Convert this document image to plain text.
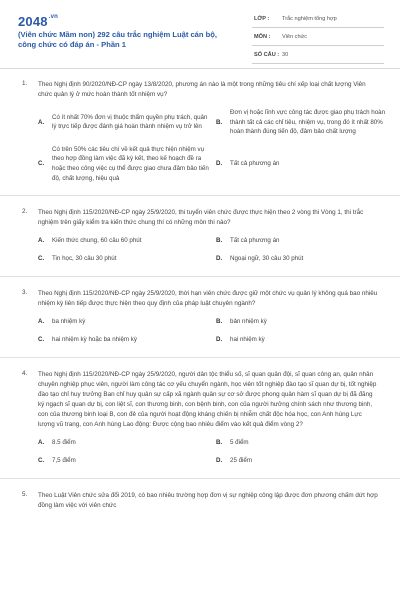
$2048^{.vn}$
(Viên chức Mầm non) 292 câu trắc nghiệm Luật cán bộ, công chức có đáp án - Phần 1
LỚP : Trắc nghiệm tổng hợp
MÔN : Viên chức
SỐ CÂU : 30
1. Theo Nghị định 90/2020/NĐ-CP ngày 13/8/2020, phương án nào là một trong những tiêu chí xếp loại chất lượng Viên chức quản lý ở mức hoàn thành tốt nhiệm vụ?
A.
Có ít nhất 70% đơn vị thuộc thẩm quyền phụ trách, quản lý trực tiếp được đánh giá hoàn thành nhiệm vụ trở lên
B.
Đơn vị hoặc lĩnh vực công tác được giao phụ trách hoàn thành tất cả các chỉ tiêu, nhiệm vụ, trong đó ít nhất 80% hoàn thành đúng tiến độ, đảm bảo chất lượng
C.
Có trên 50% các tiêu chí về kết quả thực hiện nhiệm vụ theo hợp đồng làm việc đã ký kết, theo kế hoạch đề ra hoặc theo công việc cụ thể được giao chưa đảm bảo tiến độ, chất lượng, hiệu quả
D. Tất cả phương án
2. Theo Nghị định 115/2020/NĐ-CP ngày 25/9/2020, thi tuyển viên chức được thực hiện theo 2 vòng thi Vòng 1, thi trắc nghiệm trên giấy kiểm tra kiến thức chung thí có những môn thi nào?
A. Kiến thức chung, 60 câu 60 phút	B. Tất cả phương án
C. Tin học, 30 câu 30 phút	D. Ngoại ngữ, 30 câu 30 phút
3. Theo Nghị định 115/2020/NĐ-CP ngày 25/9/2020, thời hạn viên chức được giữ một chức vụ quản lý không quá bao nhiêu nhiệm kỳ liên tiếp được thực hiện theo quy định của pháp luật chuyên ngành?
A. ba nhiệm kỳ	B. bản nhiệm kỳ
C. hai nhiệm kỳ hoặc ba nhiệm kỳ	D. hai nhiệm kỳ
4. Theo Nghị định 115/2020/NĐ-CP ngày 25/9/2020, người dân tộc thiểu số, sĩ quan quân đội, sĩ quan công an, quân nhân chuyên nghiệp phục viên, người làm công tác cơ yếu chuyển ngành, học viên tốt nghiệp đào tạo sĩ quan dự bị, tốt nghiệp đào tạo chỉ huy trưởng Ban chỉ huy quân sự cấp xã ngành quân sự cơ sở được phong quân hàm sĩ quan dự bị đã đăng ký ngạch sĩ quan dự bị, con liệt sĩ, con thương binh, con bệnh binh, con của người hưởng chính sách như thương binh, con của thương binh loại B, con đẻ của người hoạt động kháng chiến bị nhiễm chất độc hóa học, con Anh hùng Lực lượng vũ trang, con Anh hùng Lao động: Được cộng bao nhiêu điểm vào kết quả điểm vòng 2?
A. 8.5 điểm	B. 5 điểm
C. 7,5 điểm	D. 25 điểm
5. Theo Luật Viên chức sửa đổi 2019, có bao nhiêu trường hợp đơn vị sự nghiệp công lập được đơn phương chấm dứt hợp đồng làm việc với viên chức
